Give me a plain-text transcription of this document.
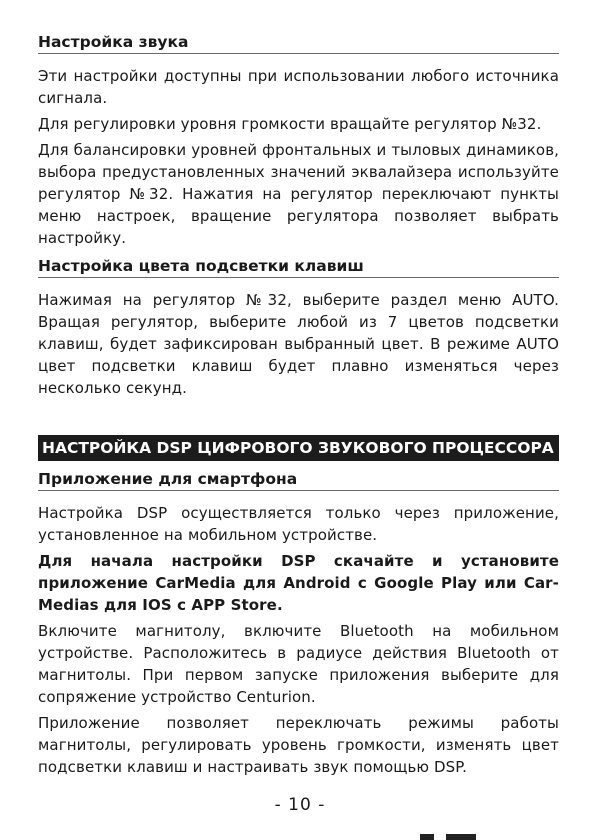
Настройка звука

Эти настройки доступны при использовании любого источника сигнала.

Для регулировки уровня громкости вращайте регулятор №32.

Для балансировки уровней фронтальных и тыловых динамиков, выбора предустановленных значений эквалайзера используйте регулятор №32. Нажатия на регулятор переключают пункты меню настроек, вращение регулятора позволяет выбрать настройку.

Настройка цвета подсветки клавиш

Нажимая на регулятор №32, выберите раздел меню AUTO. Вращая регулятор, выберите любой из 7 цветов подсветки клавиш, будет зафиксирован выбранный цвет. В режиме AUTO цвет подсветки клавиш будет плавно изменяться через несколько секунд.

НАСТРОЙКА DSP ЦИФРОВОГО ЗВУКОВОГО ПРОЦЕССОРА
Приложение для смартфона

Настройка DSP осуществляется только через приложение, установленное на мобильном устройстве.

Для начала настройки DSP скачайте и установите приложение CarMedia для Android с Google Play или Car-Medias для IOS с APP Store.

Включите магнитолу, включите Bluetooth на мобильном устройстве. Расположитесь в радиусе действия Bluetooth от магнитолы. При первом запуске приложения выберите для сопряжение устройство Centurion.

Приложение позволяет переключать режимы работы магнитолы, регулировать уровень громкости, изменять цвет подсветки клавиш и настраивать звук помощью DSP.

- 10 -
